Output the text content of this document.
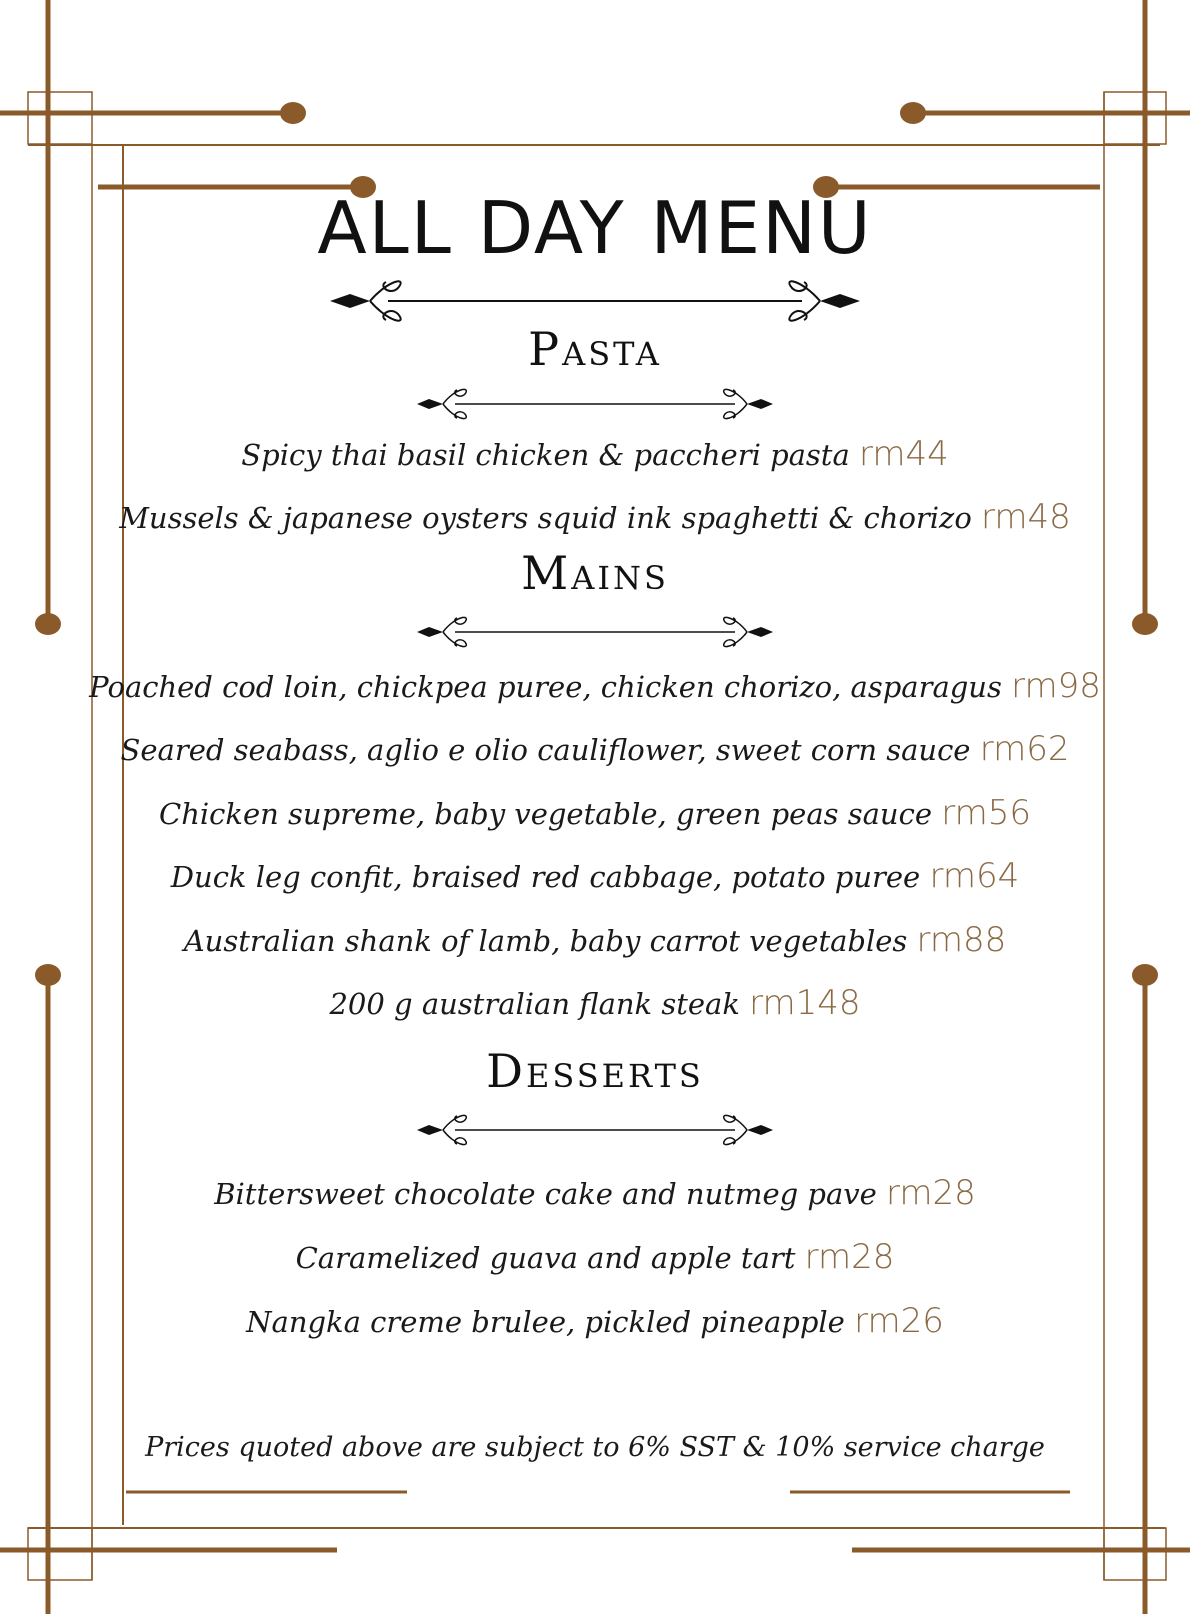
ALL DAY MENU
Pasta
Spicy thai basil chicken & paccheri pasta rm44
Mussels & japanese oysters squid ink spaghetti & chorizo rm48
Mains
Poached cod loin, chickpea puree, chicken chorizo, asparagus rm98
Seared seabass, aglio e olio cauliflower, sweet corn sauce rm62
Chicken supreme, baby vegetable, green peas sauce rm56
Duck leg confit, braised red cabbage, potato puree rm64
Australian shank of lamb, baby carrot vegetables rm88
200 g australian flank steak rm148
Desserts
Bittersweet chocolate cake and nutmeg pave rm28
Caramelized guava and apple tart rm28
Nangka creme brulee, pickled pineapple rm26
Prices quoted above are subject to 6% SST & 10% service charge
